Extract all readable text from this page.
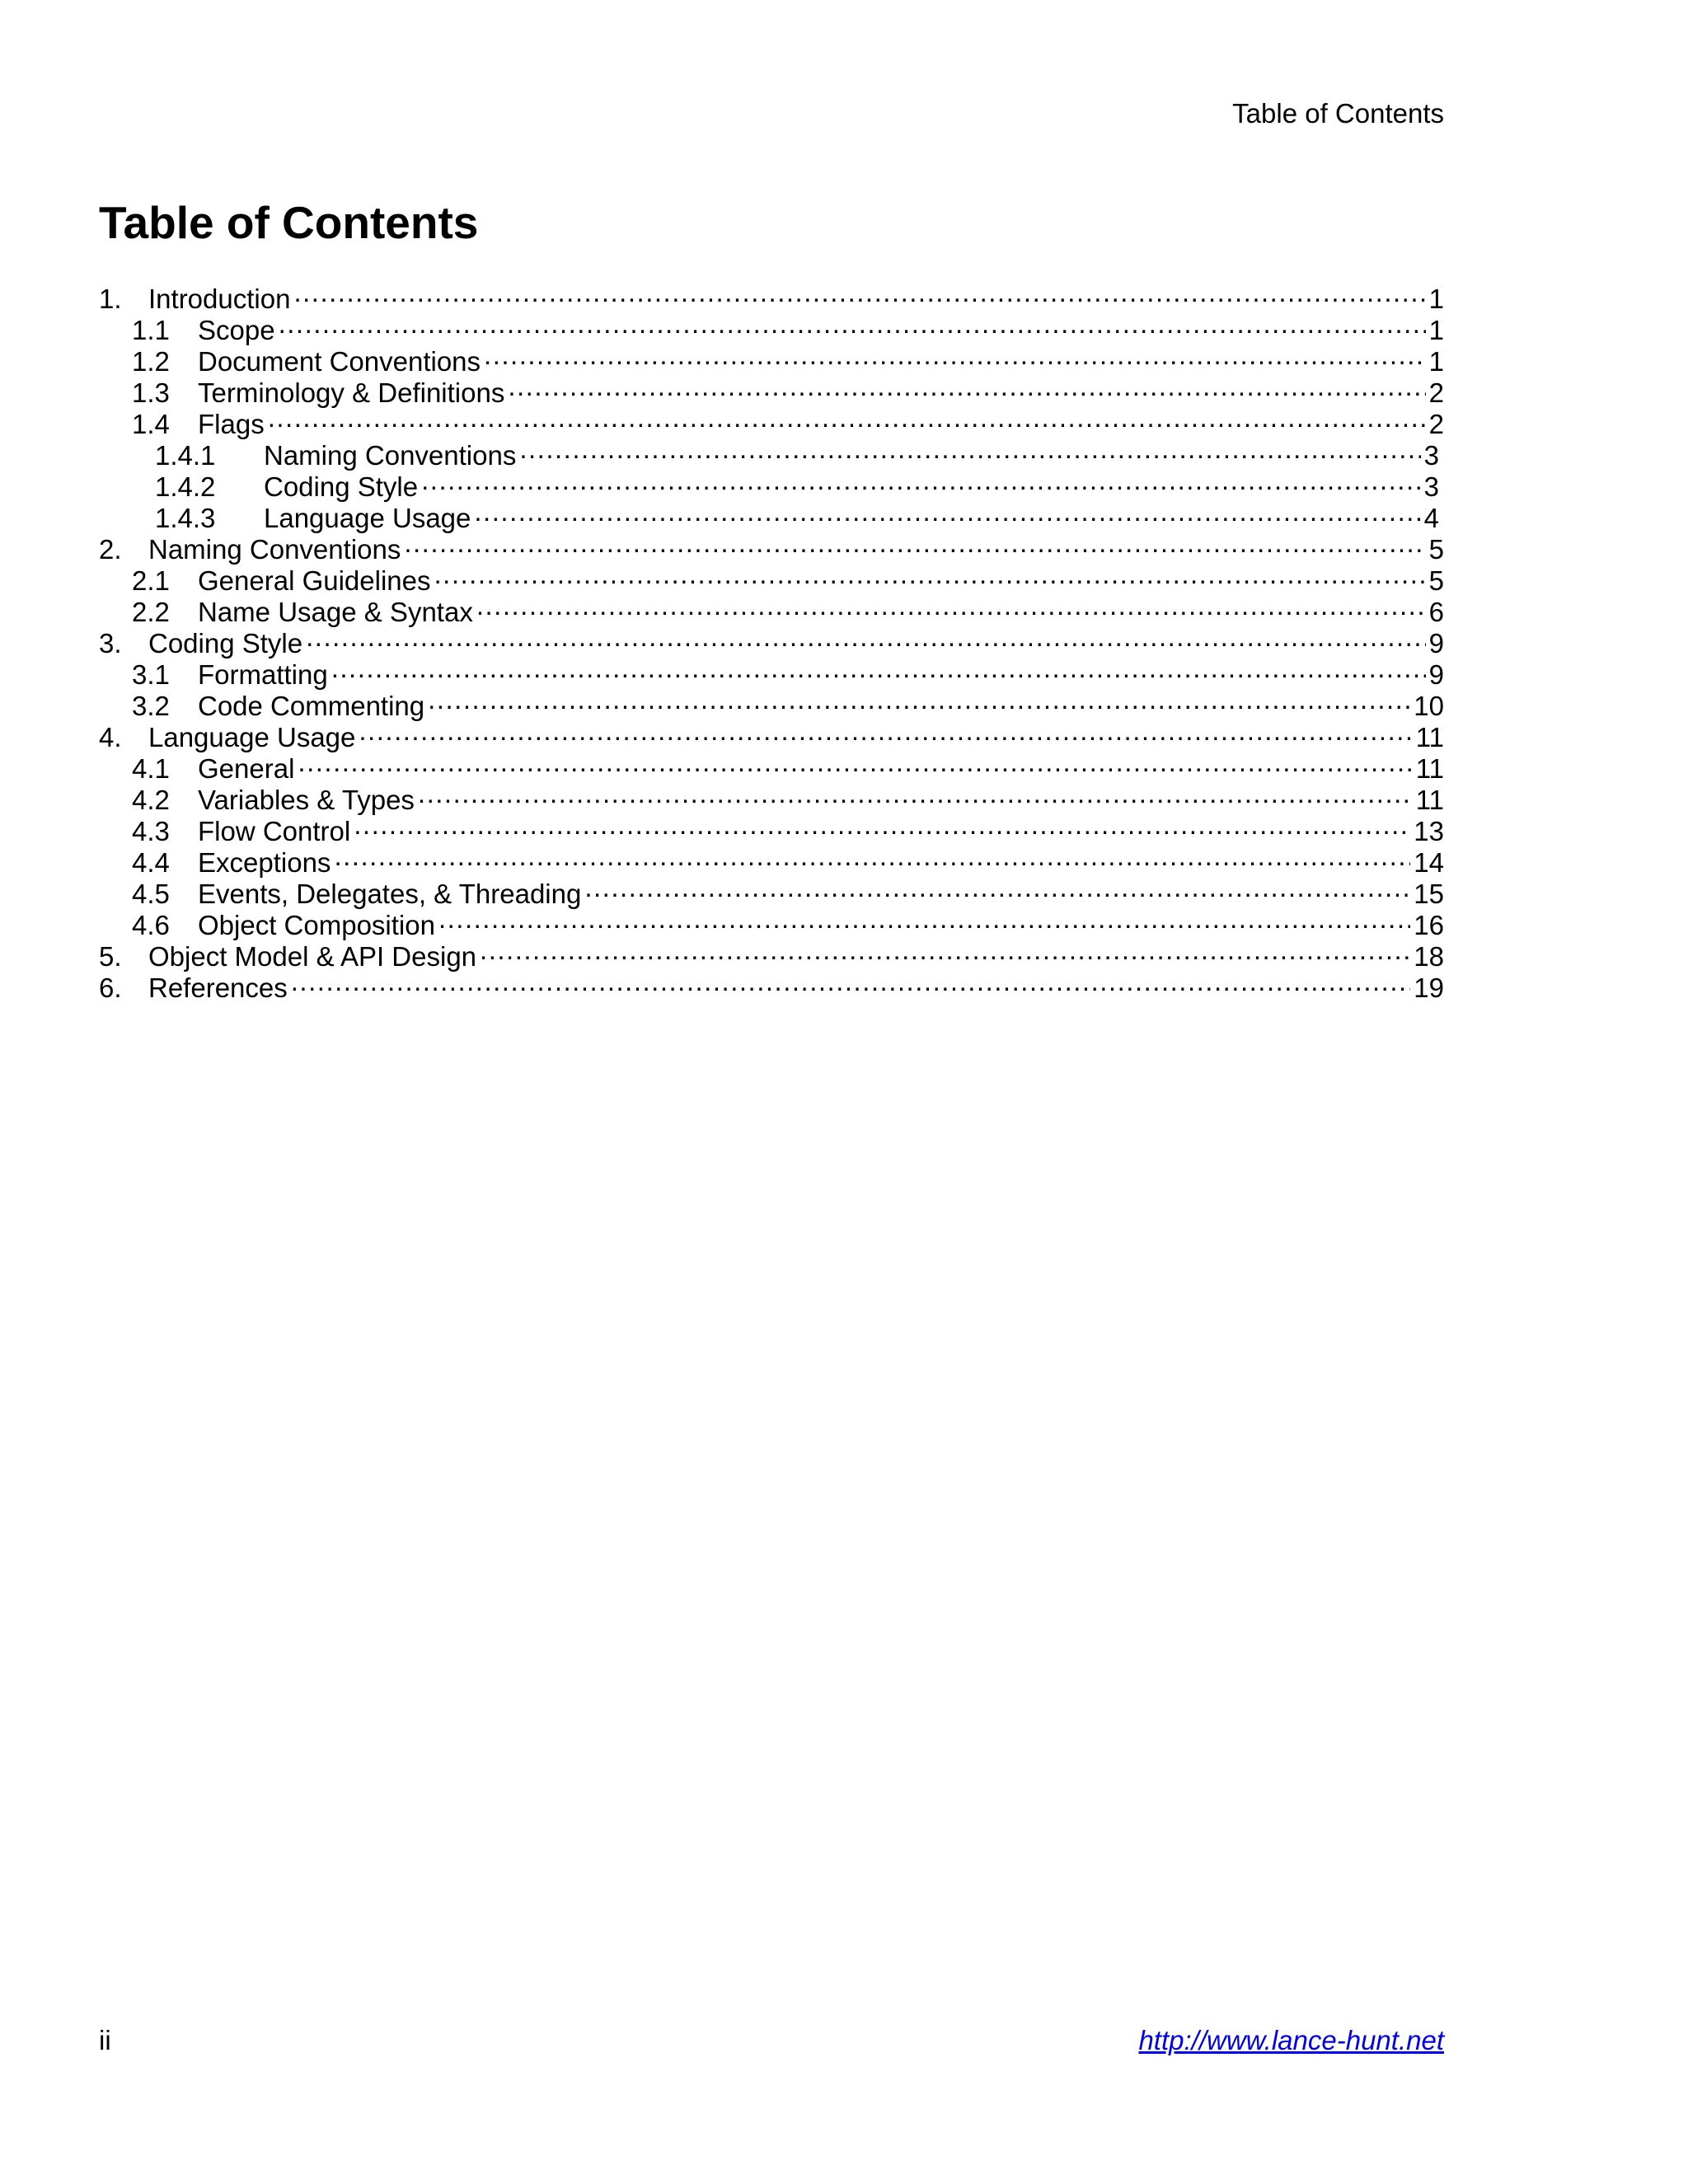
Table of Contents
Table of Contents
1. Introduction .....	1
1.1	Scope .....	1
1.2	Document Conventions .....	1
1.3	Terminology & Definitions .....	2
1.4	Flags .....	2
1.4.1	Naming Conventions .....	3
1.4.2	Coding Style .....	3
1.4.3	Language Usage .....	4
2. Naming Conventions .....	5
2.1	General Guidelines .....	5
2.2	Name Usage & Syntax .....	6
3. Coding Style .....	9
3.1	Formatting .....	9
3.2	Code Commenting .....	10
4. Language Usage .....	11
4.1	General .....	11
4.2	Variables & Types .....	11
4.3	Flow Control .....	13
4.4	Exceptions .....	14
4.5	Events, Delegates, & Threading .....	15
4.6	Object Composition .....	16
5. Object Model & API Design .....	18
6. References .....	19
ii	http://www.lance-hunt.net
